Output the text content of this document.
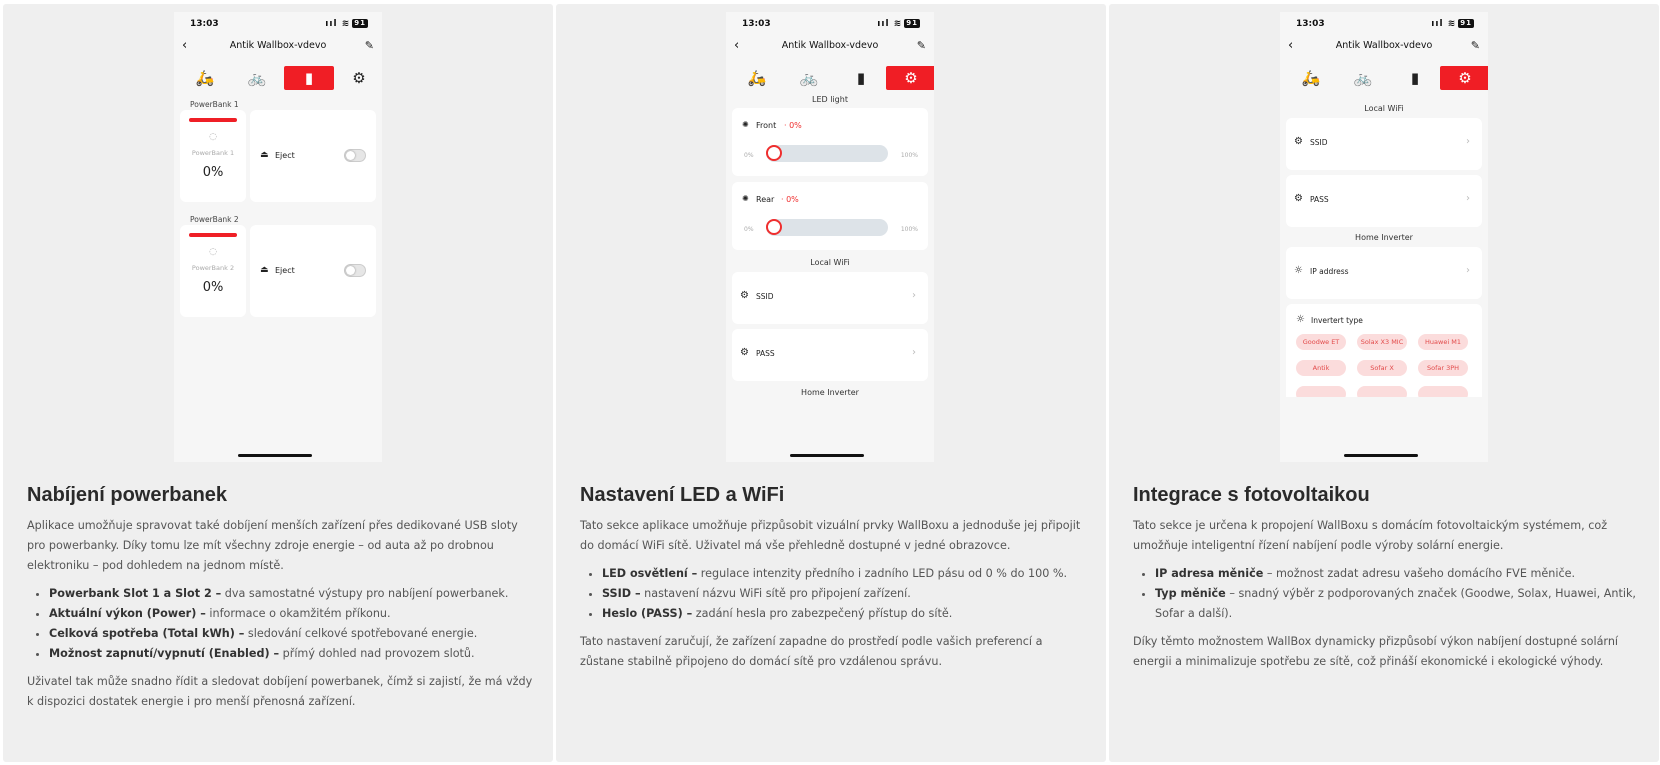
13:03	ııl ≋ 91
‹	Antik Wallbox-vdevo	✎
🛵	🚲	▮	⚙
PowerBank 1
◌
PowerBank 1
0%
⏏ Eject
PowerBank 2
◌
PowerBank 2
0%
⏏ Eject
Nabíjení powerbanek

Aplikace umožňuje spravovat také dobíjení menších zařízení přes dedikované USB sloty pro powerbanky. Díky tomu lze mít všechny zdroje energie – od auta až po drobnou elektroniku – pod dohledem na jednom místě.

• Powerbank Slot 1 a Slot 2 – dva samostatné výstupy pro nabíjení powerbanek.
• Aktuální výkon (Power) – informace o okamžitém příkonu.
• Celková spotřeba (Total kWh) – sledování celkové spotřebované energie.
• Možnost zapnutí/vypnutí (Enabled) – přímý dohled nad provozem slotů.

Uživatel tak může snadno řídit a sledovat dobíjení powerbanek, čímž si zajistí, že má vždy k dispozici dostatek energie i pro menší přenosná zařízení.

13:03	ııl ≋ 91
‹	Antik Wallbox-vdevo	✎
🛵	🚲	▮	⚙
LED light
✺ Front · 0%
0%	100%
✺ Rear · 0%
0%	100%
Local WiFi
⚙ SSID	›
⚙ PASS	›
Home Inverter
Nastavení LED a WiFi

Tato sekce aplikace umožňuje přizpůsobit vizuální prvky WallBoxu a jednoduše jej připojit do domácí WiFi sítě. Uživatel má vše přehledně dostupné v jedné obrazovce.

• LED osvětlení – regulace intenzity předního i zadního LED pásu od 0 % do 100 %.
• SSID – nastavení názvu WiFi sítě pro připojení zařízení.
• Heslo (PASS) – zadání hesla pro zabezpečený přístup do sítě.

Tato nastavení zaručují, že zařízení zapadne do prostředí podle vašich preferencí a zůstane stabilně připojeno do domácí sítě pro vzdálenou správu.

13:03	ııl ≋ 91
‹	Antik Wallbox-vdevo	✎
🛵	🚲	▮	⚙
Local WiFi
⚙ SSID	›
⚙ PASS	›
Home Inverter
☼ IP address	›
☼ Invertert type
Goodwe ET	Solax X3 MIC	Huawei M1
Antik	Sofar X	Sofar 3PH
Integrace s fotovoltaikou

Tato sekce je určena k propojení WallBoxu s domácím fotovoltaickým systémem, což umožňuje inteligentní řízení nabíjení podle výroby solární energie.

• IP adresa měniče – možnost zadat adresu vašeho domácího FVE měniče.
• Typ měniče – snadný výběr z podporovaných značek (Goodwe, Solax, Huawei, Antik, Sofar a další).

Díky těmto možnostem WallBox dynamicky přizpůsobí výkon nabíjení dostupné solární energii a minimalizuje spotřebu ze sítě, což přináší ekonomické i ekologické výhody.
